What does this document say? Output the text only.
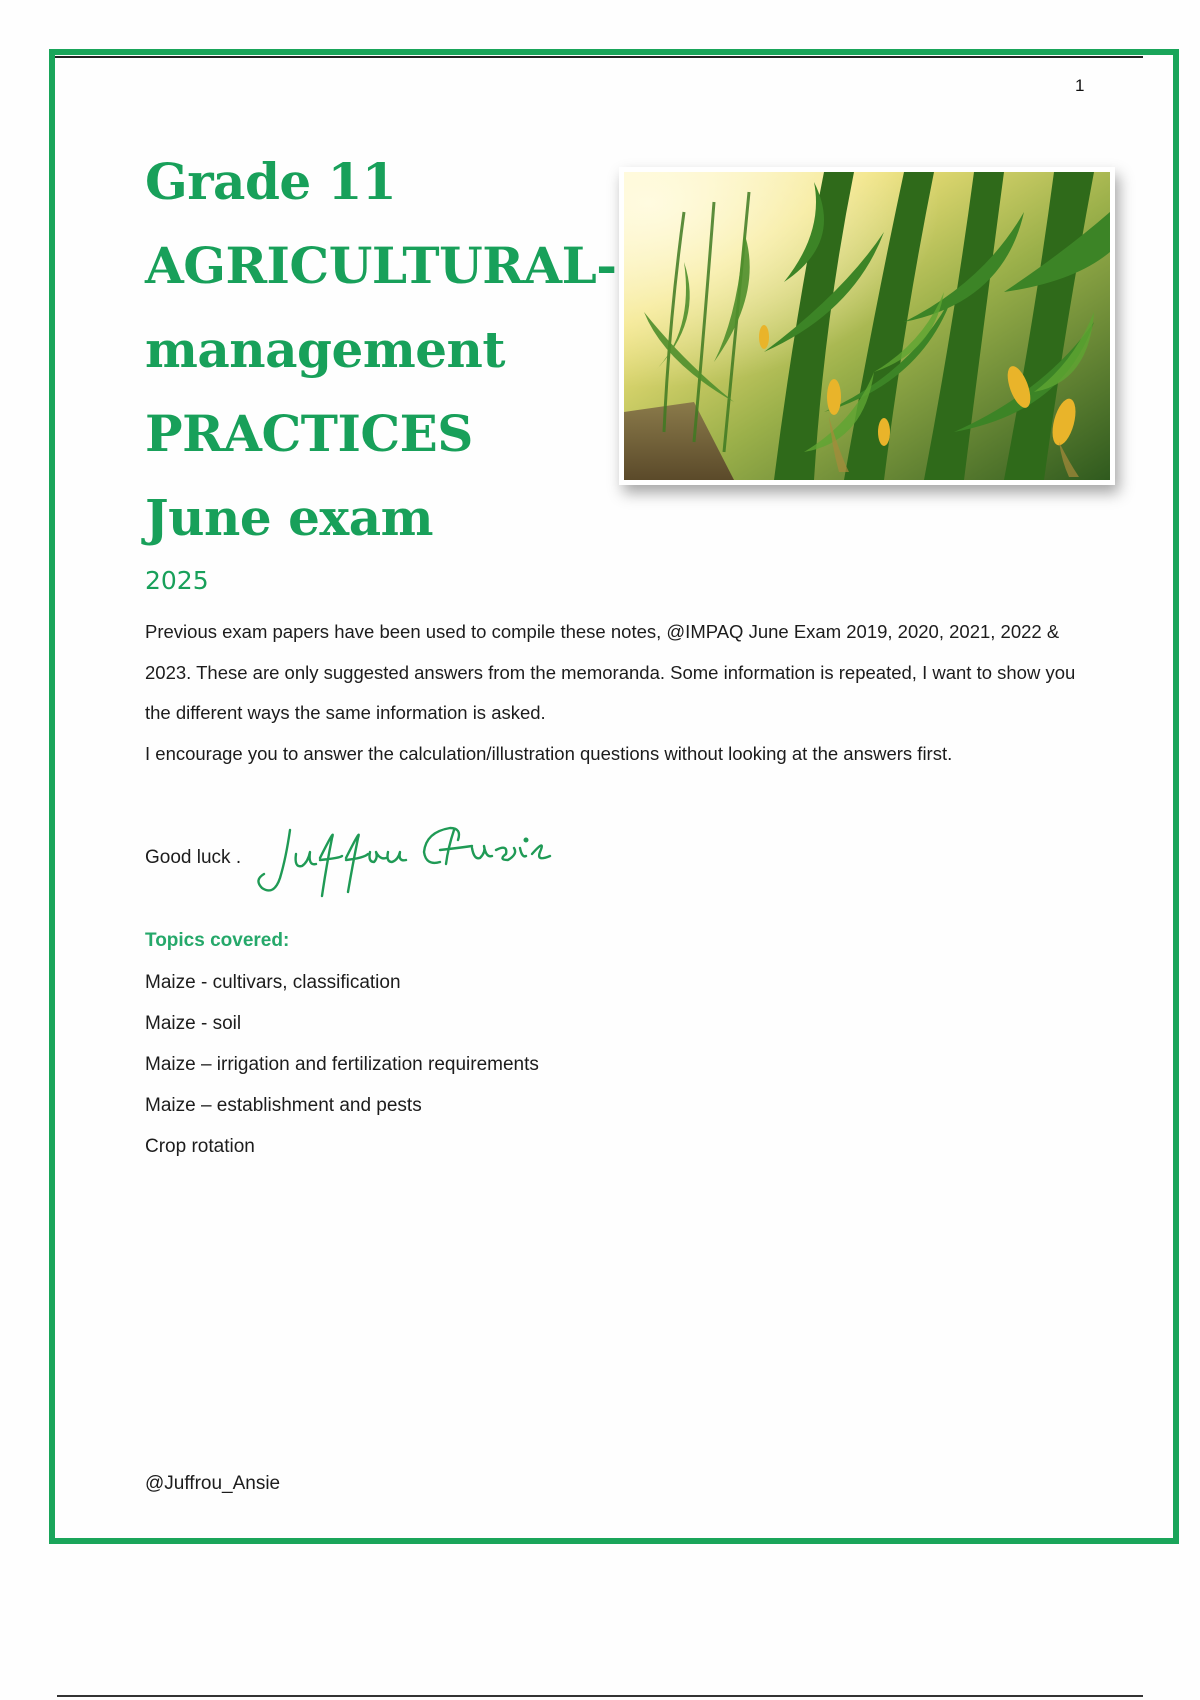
1
Grade 11
AGRICULTURAL-
management
PRACTICES
June exam
2025

Previous exam papers have been used to compile these notes, @IMPAQ June Exam 2019, 2020, 2021, 2022 & 2023. These are only suggested answers from the memoranda. Some information is repeated, I want to show you the different ways the same information is asked.

I encourage you to answer the calculation/illustration questions without looking at the answers first.

Good luck .
Topics covered:
Maize - cultivars, classification
Maize - soil
Maize – irrigation and fertilization requirements
Maize – establishment and pests
Crop rotation
@Juffrou_Ansie
